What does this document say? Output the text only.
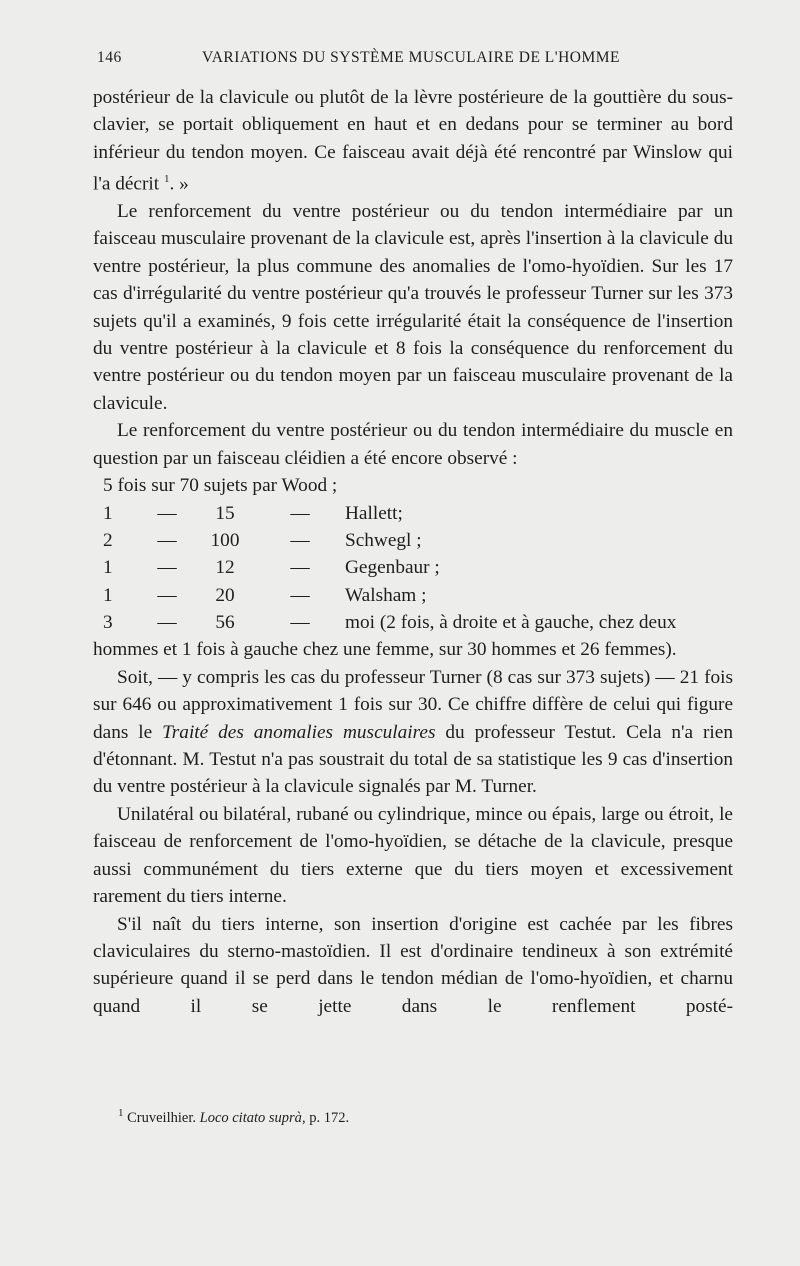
146	VARIATIONS DU SYSTÈME MUSCULAIRE DE L'HOMME

postérieur de la clavicule ou plutôt de la lèvre postérieure de la gouttière du sous-clavier, se portait obliquement en haut et en dedans pour se terminer au bord inférieur du tendon moyen. Ce faisceau avait déjà été rencontré par Winslow qui l'a décrit $^1$. »

Le renforcement du ventre postérieur ou du tendon intermédiaire par un faisceau musculaire provenant de la clavicule est, après l'insertion à la clavicule du ventre postérieur, la plus commune des anomalies de l'omo-hyoïdien. Sur les 17 cas d'irrégularité du ventre postérieur qu'a trouvés le professeur Turner sur les 373 sujets qu'il a examinés, 9 fois cette irrégularité était la conséquence de l'insertion du ventre postérieur à la clavicule et 8 fois la conséquence du renforcement du ventre postérieur ou du tendon moyen par un faisceau musculaire provenant de la clavicule.

Le renforcement du ventre postérieur ou du tendon intermédiaire du muscle en question par un faisceau cléidien a été encore observé :

5 fois sur 70 sujets par Wood ;
1	—	15	—	Hallett;
2	—	100	—	Schwegl ;
1	—	12	—	Gegenbaur ;
1	—	20	—	Walsham ;
3	—	56	—	moi (2 fois, à droite et à gauche, chez deux

hommes et 1 fois à gauche chez une femme, sur 30 hommes et 26 femmes).

Soit, — y compris les cas du professeur Turner (8 cas sur 373 sujets) — 21 fois sur 646 ou approximativement 1 fois sur 30. Ce chiffre diffère de celui qui figure dans le Traité des anomalies musculaires du professeur Testut. Cela n'a rien d'étonnant. M. Testut n'a pas soustrait du total de sa statistique les 9 cas d'insertion du ventre postérieur à la clavicule signalés par M. Turner.

Unilatéral ou bilatéral, rubané ou cylindrique, mince ou épais, large ou étroit, le faisceau de renforcement de l'omo-hyoïdien, se détache de la clavicule, presque aussi communément du tiers externe que du tiers moyen et excessivement rarement du tiers interne.

S'il naît du tiers interne, son insertion d'origine est cachée par les fibres claviculaires du sterno-mastoïdien. Il est d'ordinaire tendineux à son extrémité supérieure quand il se perd dans le tendon médian de l'omo-hyoïdien, et charnu quand il se jette dans le renflement posté-

$^1$ Cruveilhier. Loco citato suprà, p. 172.
